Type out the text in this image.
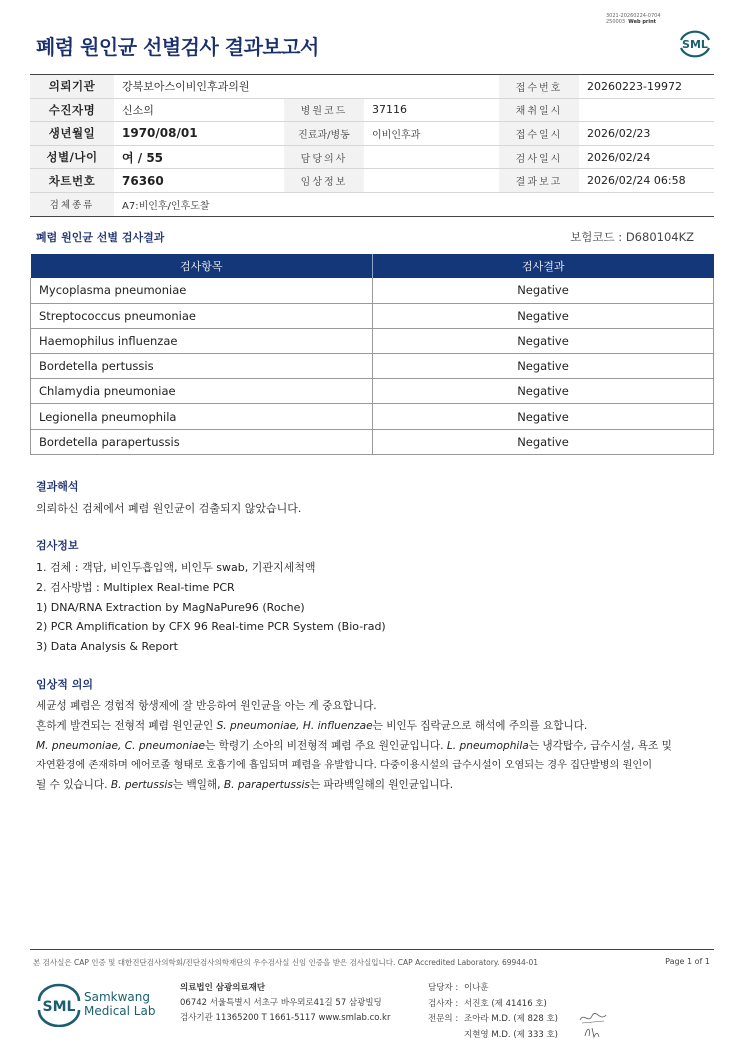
3021-20260224-0704
250003 Web print
폐렴 원인균 선별검사 결과보고서	SML
의뢰기관	강북보아스이비인후과의원			접수번호	20260223-19972
수진자명	신소의	병원코드	37116	채취일시	
생년월일	1970/08/01	진료과/병동	이비인후과	접수일시	2026/02/23
성별/나이	여 / 55	담당의사		검사일시	2026/02/24
차트번호	76360	임상정보		결과보고	2026/02/24 06:58
검체종류	A7:비인후/인후도찰				
폐렴 원인균 선별 검사결과	보험코드 : D680104KZ
검사항목	검사결과
Mycoplasma pneumoniae	Negative
Streptococcus pneumoniae	Negative
Haemophilus influenzae	Negative
Bordetella pertussis	Negative
Chlamydia pneumoniae	Negative
Legionella pneumophila	Negative
Bordetella parapertussis	Negative
결과해석

의뢰하신 검체에서 폐렴 원인균이 검출되지 않았습니다.

검사정보

1. 검체 : 객담, 비인두흡입액, 비인두 swab, 기관지세척액

2. 검사방법 : Multiplex Real-time PCR

1) DNA/RNA Extraction by MagNaPure96 (Roche)

2) PCR Amplification by CFX 96 Real-time PCR System (Bio-rad)

3) Data Analysis & Report

임상적 의의

세균성 폐렴은 경험적 항생제에 잘 반응하여 원인균을 아는 게 중요합니다.

흔하게 발견되는 전형적 폐렴 원인균인 S. pneumoniae, H. influenzae는 비인두 집락균으로 해석에 주의를 요합니다.

M. pneumoniae, C. pneumoniae는 학령기 소아의 비전형적 폐렴 주요 원인균입니다. L. pneumophila는 냉각탑수, 급수시설, 욕조 및

자연환경에 존재하며 에어로졸 형태로 호흡기에 흡입되며 폐렴을 유발합니다. 다중이용시설의 급수시설이 오염되는 경우 집단발병의 원인이

될 수 있습니다. B. pertussis는 백일해, B. parapertussis는 파라백일해의 원인균입니다.

본 검사실은 CAP 인증 및 대한진단검사의학회/진단검사의학재단의 우수검사실 신임 인증을 받은 검사실입니다. CAP Accredited Laboratory. 69944-01	Page 1 of 1
SML
Samkwang
Medical Lab
의료법인 삼광의료재단
06742 서울특별시 서초구 바우뫼로41길 57 삼광빌딩
검사기관 11365200 T 1661-5117 www.smlab.co.kr
담당자 : 이나훈
검사자 : 서진호 (제 41416 호)
전문의 : 조아라 M.D. (제 828 호)
지현영 M.D. (제 333 호)
